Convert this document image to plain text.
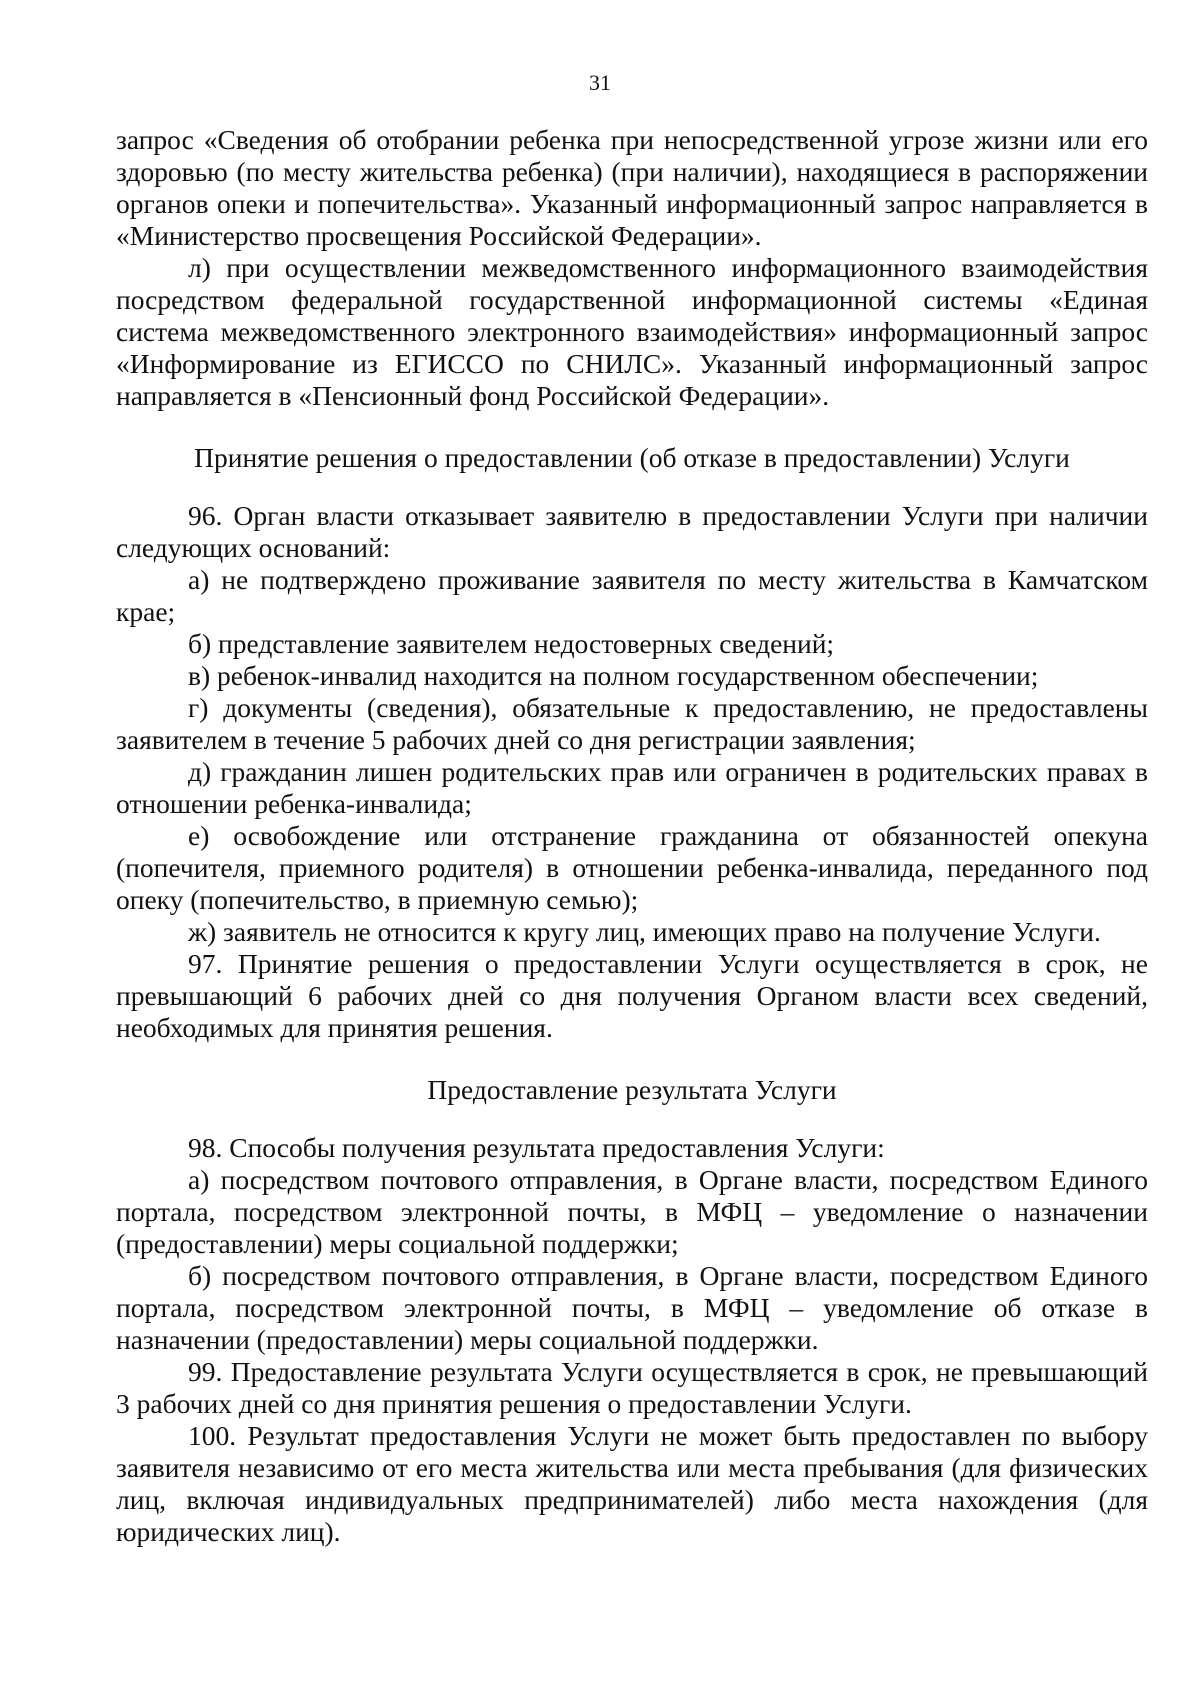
31

запрос «Сведения об отобрании ребенка при непосредственной угрозе жизни или его здоровью (по месту жительства ребенка) (при наличии), находящиеся в распоряжении органов опеки и попечительства». Указанный информационный запрос направляется в «Министерство просвещения Российской Федерации».

л) при осуществлении межведомственного информационного взаимодействия посредством федеральной государственной информационной системы «Единая система межведомственного электронного взаимодействия» информационный запрос «Информирование из ЕГИССО по СНИЛС». Указанный информационный запрос направляется в «Пенсионный фонд Российской Федерации».

Принятие решения о предоставлении (об отказе в предоставлении) Услуги

96. Орган власти отказывает заявителю в предоставлении Услуги при наличии следующих оснований:

а) не подтверждено проживание заявителя по месту жительства в Камчатском крае;

б) представление заявителем недостоверных сведений;

в) ребенок-инвалид находится на полном государственном обеспечении;

г) документы (сведения), обязательные к предоставлению, не предоставлены заявителем в течение 5 рабочих дней со дня регистрации заявления;

д) гражданин лишен родительских прав или ограничен в родительских правах в отношении ребенка-инвалида;

е) освобождение или отстранение гражданина от обязанностей опекуна (попечителя, приемного родителя) в отношении ребенка-инвалида, переданного под опеку (попечительство, в приемную семью);

ж) заявитель не относится к кругу лиц, имеющих право на получение Услуги.

97. Принятие решения о предоставлении Услуги осуществляется в срок, не превышающий 6 рабочих дней со дня получения Органом власти всех сведений, необходимых для принятия решения.

Предоставление результата Услуги

98. Способы получения результата предоставления Услуги:

а) посредством почтового отправления, в Органе власти, посредством Единого портала, посредством электронной почты, в МФЦ – уведомление о назначении (предоставлении) меры социальной поддержки;

б) посредством почтового отправления, в Органе власти, посредством Единого портала, посредством электронной почты, в МФЦ – уведомление об отказе в назначении (предоставлении) меры социальной поддержки.

99. Предоставление результата Услуги осуществляется в срок, не превышающий 3 рабочих дней со дня принятия решения о предоставлении Услуги.

100. Результат предоставления Услуги не может быть предоставлен по выбору заявителя независимо от его места жительства или места пребывания (для физических лиц, включая индивидуальных предпринимателей) либо места нахождения (для юридических лиц).
